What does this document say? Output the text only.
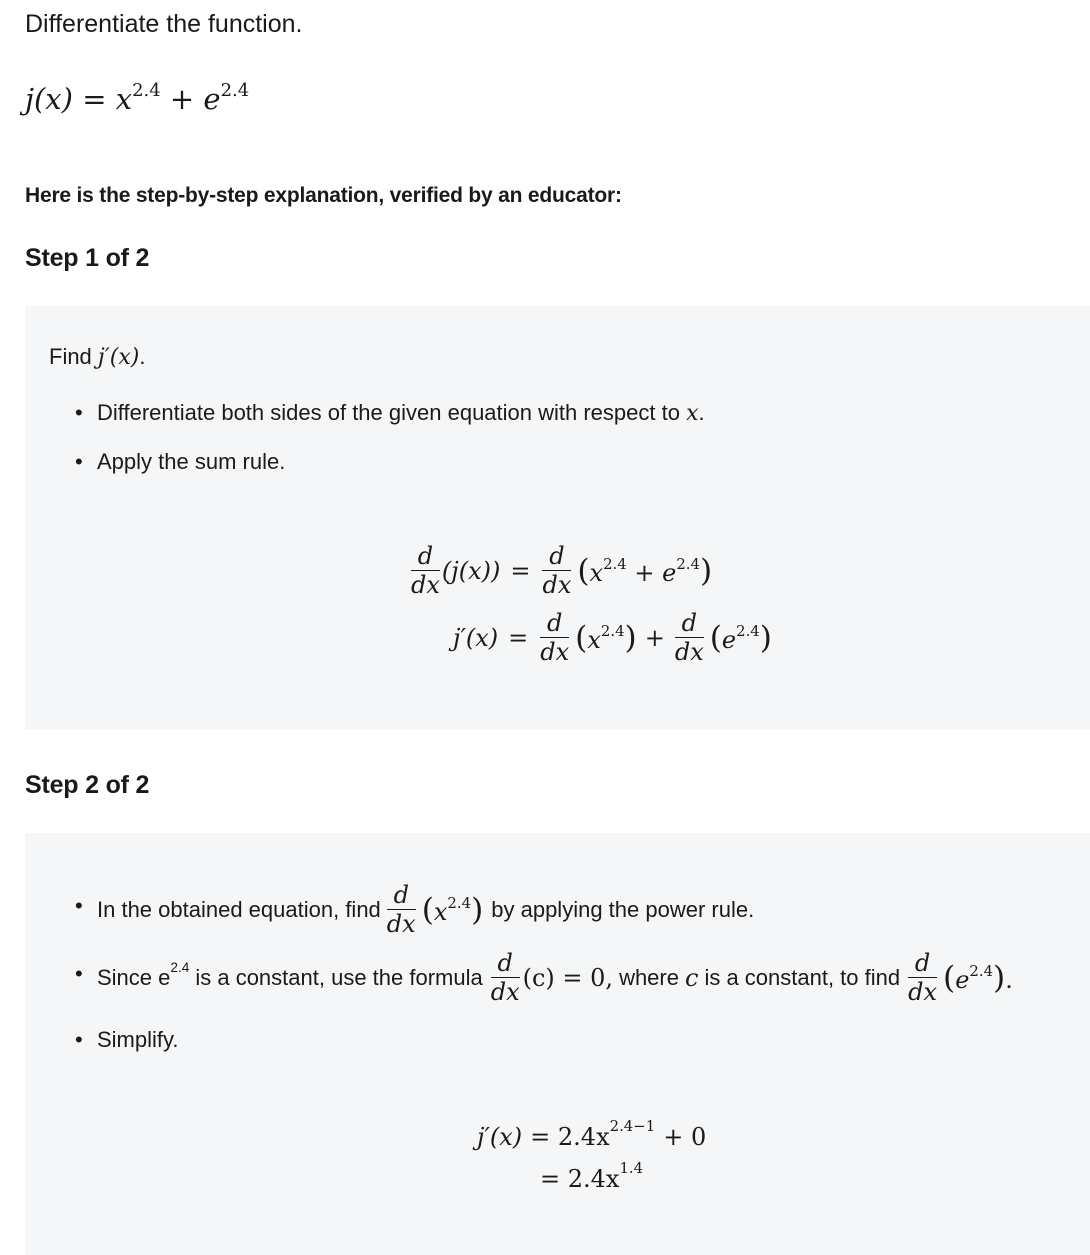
Differentiate the function.
$j(x) = x^{2.4} + e^{2.4}$
Here is the step-by-step explanation, verified by an educator:
Step 1 of 2
Find j′(x).
• Differentiate both sides of the given equation with respect to x.
• Apply the sum rule.
$\frac{d}{dx} (j(x)) = \frac{d}{dx} (x^{2.4} + e^{2.4})$
$j'(x) = \frac{d}{dx} (x^{2.4}) + \frac{d}{dx} (e^{2.4})$
Step 2 of 2
• In the obtained equation, find $\frac{d}{dx} (x^{2.4})$ by applying the power rule.
• Since $e^{2.4}$ is a constant, use the formula $\frac{d}{dx} (c) = 0$, where c is a constant, to find $\frac{d}{dx} (e^{2.4})$.
• Simplify.
$j'(x) = 2.4x^{2.4-1} + 0$
= $2.4x^{1.4}$
